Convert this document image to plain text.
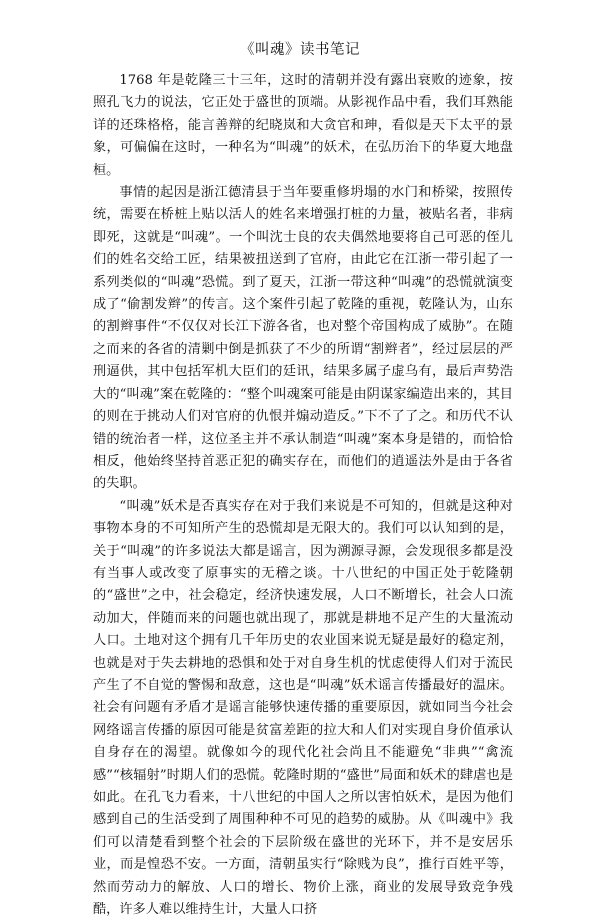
《叫魂》读书笔记

1768 年是乾隆三十三年，这时的清朝并没有露出衰败的迹象，按照孔飞力的说法，它正处于盛世的顶端。从影视作品中看，我们耳熟能详的还珠格格，能言善辩的纪晓岚和大贪官和珅，看似是天下太平的景象，可偏偏在这时，一种名为“叫魂”的妖术，在弘历治下的华夏大地盘桓。

事情的起因是浙江德清县于当年要重修坍塌的水门和桥梁，按照传统，需要在桥桩上贴以活人的姓名来增强打桩的力量，被贴名者，非病即死，这就是“叫魂”。一个叫沈士良的农夫偶然地要将自己可恶的侄儿们的姓名交给工匠，结果被扭送到了官府，由此它在江浙一带引起了一系列类似的“叫魂”恐慌。到了夏天，江浙一带这种“叫魂”的恐慌就演变成了“偷割发辫”的传言。这个案件引起了乾隆的重视，乾隆认为，山东的割辫事件“不仅仅对长江下游各省，也对整个帝国构成了威胁”。在随之而来的各省的清剿中倒是抓获了不少的所谓“割辫者”，经过层层的严刑逼供，其中包括军机大臣们的廷讯，结果多属子虚乌有，最后声势浩大的“叫魂”案在乾隆的：“整个叫魂案可能是由阴谋家编造出来的，其目的则在于挑动人们对官府的仇恨并煽动造反。”下不了了之。和历代不认错的统治者一样，这位圣主并不承认制造“叫魂”案本身是错的，而恰恰相反，他始终坚持首恶正犯的确实存在，而他们的逍遥法外是由于各省的失职。

“叫魂”妖术是否真实存在对于我们来说是不可知的，但就是这种对事物本身的不可知所产生的恐慌却是无限大的。我们可以认知到的是，关于“叫魂”的许多说法大都是谣言，因为溯源寻源，会发现很多都是没有当事人或改变了原事实的无稽之谈。十八世纪的中国正处于乾隆朝的“盛世”之中，社会稳定，经济快速发展，人口不断增长，社会人口流动加大，伴随而来的问题也就出现了，那就是耕地不足产生的大量流动人口。土地对这个拥有几千年历史的农业国来说无疑是最好的稳定剂，也就是对于失去耕地的恐惧和处于对自身生机的忧虑使得人们对于流民产生了不自觉的警惕和敌意，这也是“叫魂”妖术谣言传播最好的温床。社会有问题有矛盾才是谣言能够快速传播的重要原因，就如同当今社会网络谣言传播的原因可能是贫富差距的拉大和人们对实现自身价值承认自身存在的渴望。就像如今的现代化社会尚且不能避免“非典”“禽流感”“核辐射”时期人们的恐慌。乾隆时期的“盛世”局面和妖术的肆虐也是如此。在孔飞力看来，十八世纪的中国人之所以害怕妖术，是因为他们感到自己的生活受到了周围种种不可见的趋势的威胁。从《叫魂中》我们可以清楚看到整个社会的下层阶级在盛世的光环下，并不是安居乐业，而是惶恐不安。一方面，清朝虽实行“除贱为良”，推行百姓平等，然而劳动力的解放、人口的增长、物价上涨，商业的发展导致竞争残酷，许多人难以维持生计，大量人口挤
